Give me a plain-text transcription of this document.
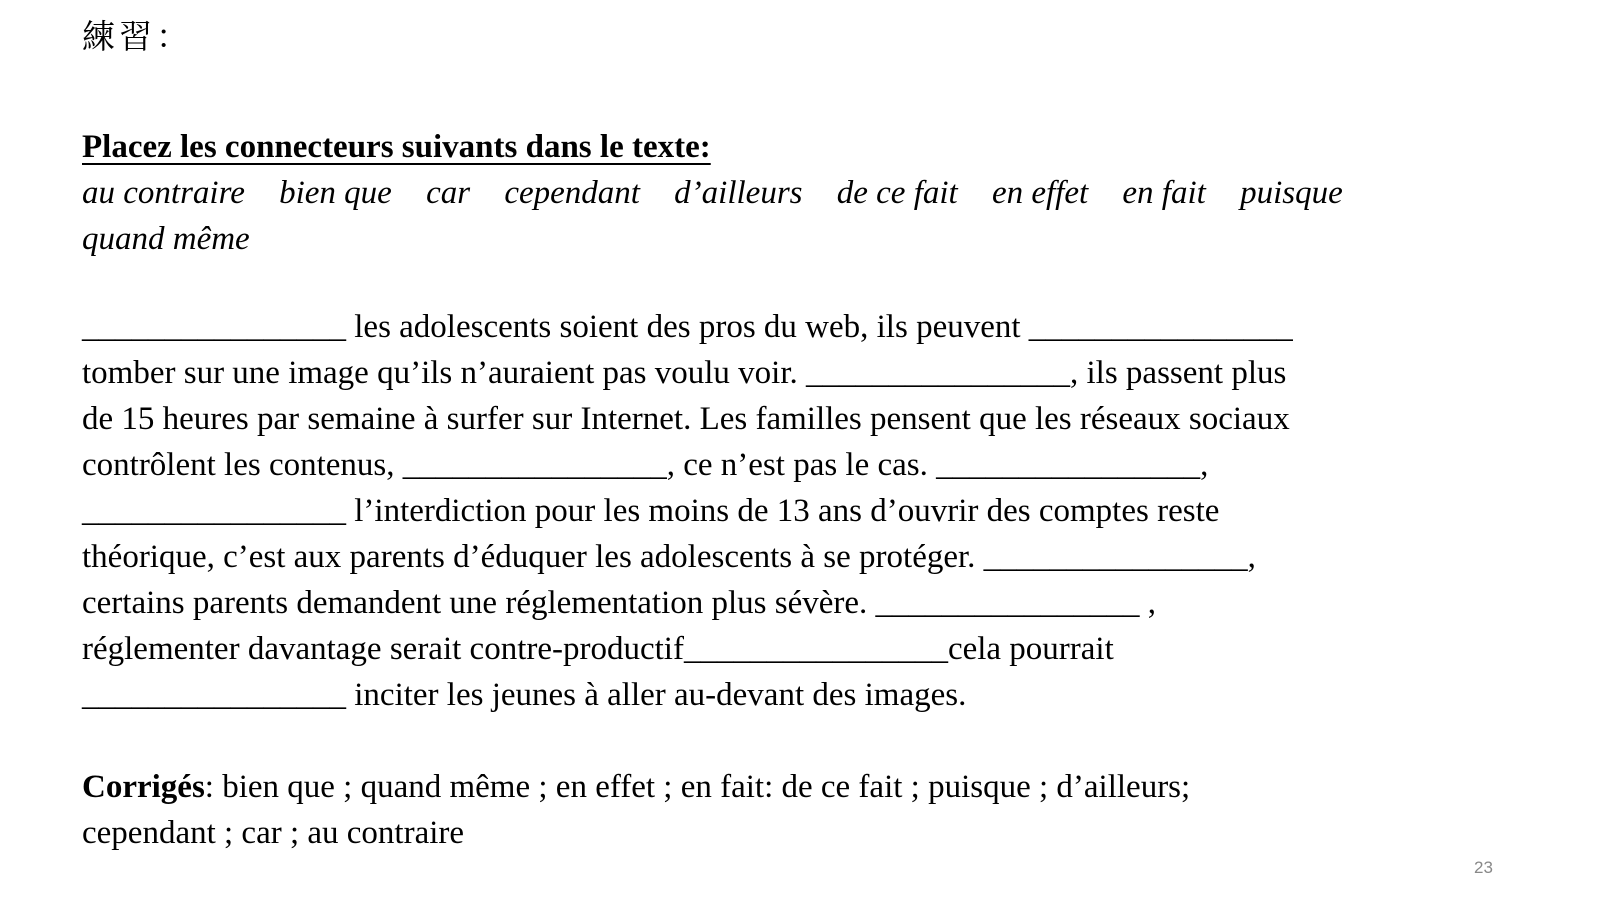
練習：
Placez les connecteurs suivants dans le texte:
au contraire bien que car cependant d’ailleurs de ce fait en effet en fait puisque
quand même
________________ les adolescents soient des pros du web, ils peuvent ________________
tomber sur une image qu’ils n’auraient pas voulu voir. ________________, ils passent plus
de 15 heures par semaine à surfer sur Internet. Les familles pensent que les réseaux sociaux
contrôlent les contenus, ________________, ce n’est pas le cas. ________________,
________________ l’interdiction pour les moins de 13 ans d’ouvrir des comptes reste
théorique, c’est aux parents d’éduquer les adolescents à se protéger. ________________,
certains parents demandent une réglementation plus sévère. ________________ ,
réglementer davantage serait contre-productif________________cela pourrait
________________ inciter les jeunes à aller au-devant des images.
Corrigés: bien que ; quand même ; en effet ; en fait: de ce fait ; puisque ; d’ailleurs;
cependant ; car ; au contraire
23
